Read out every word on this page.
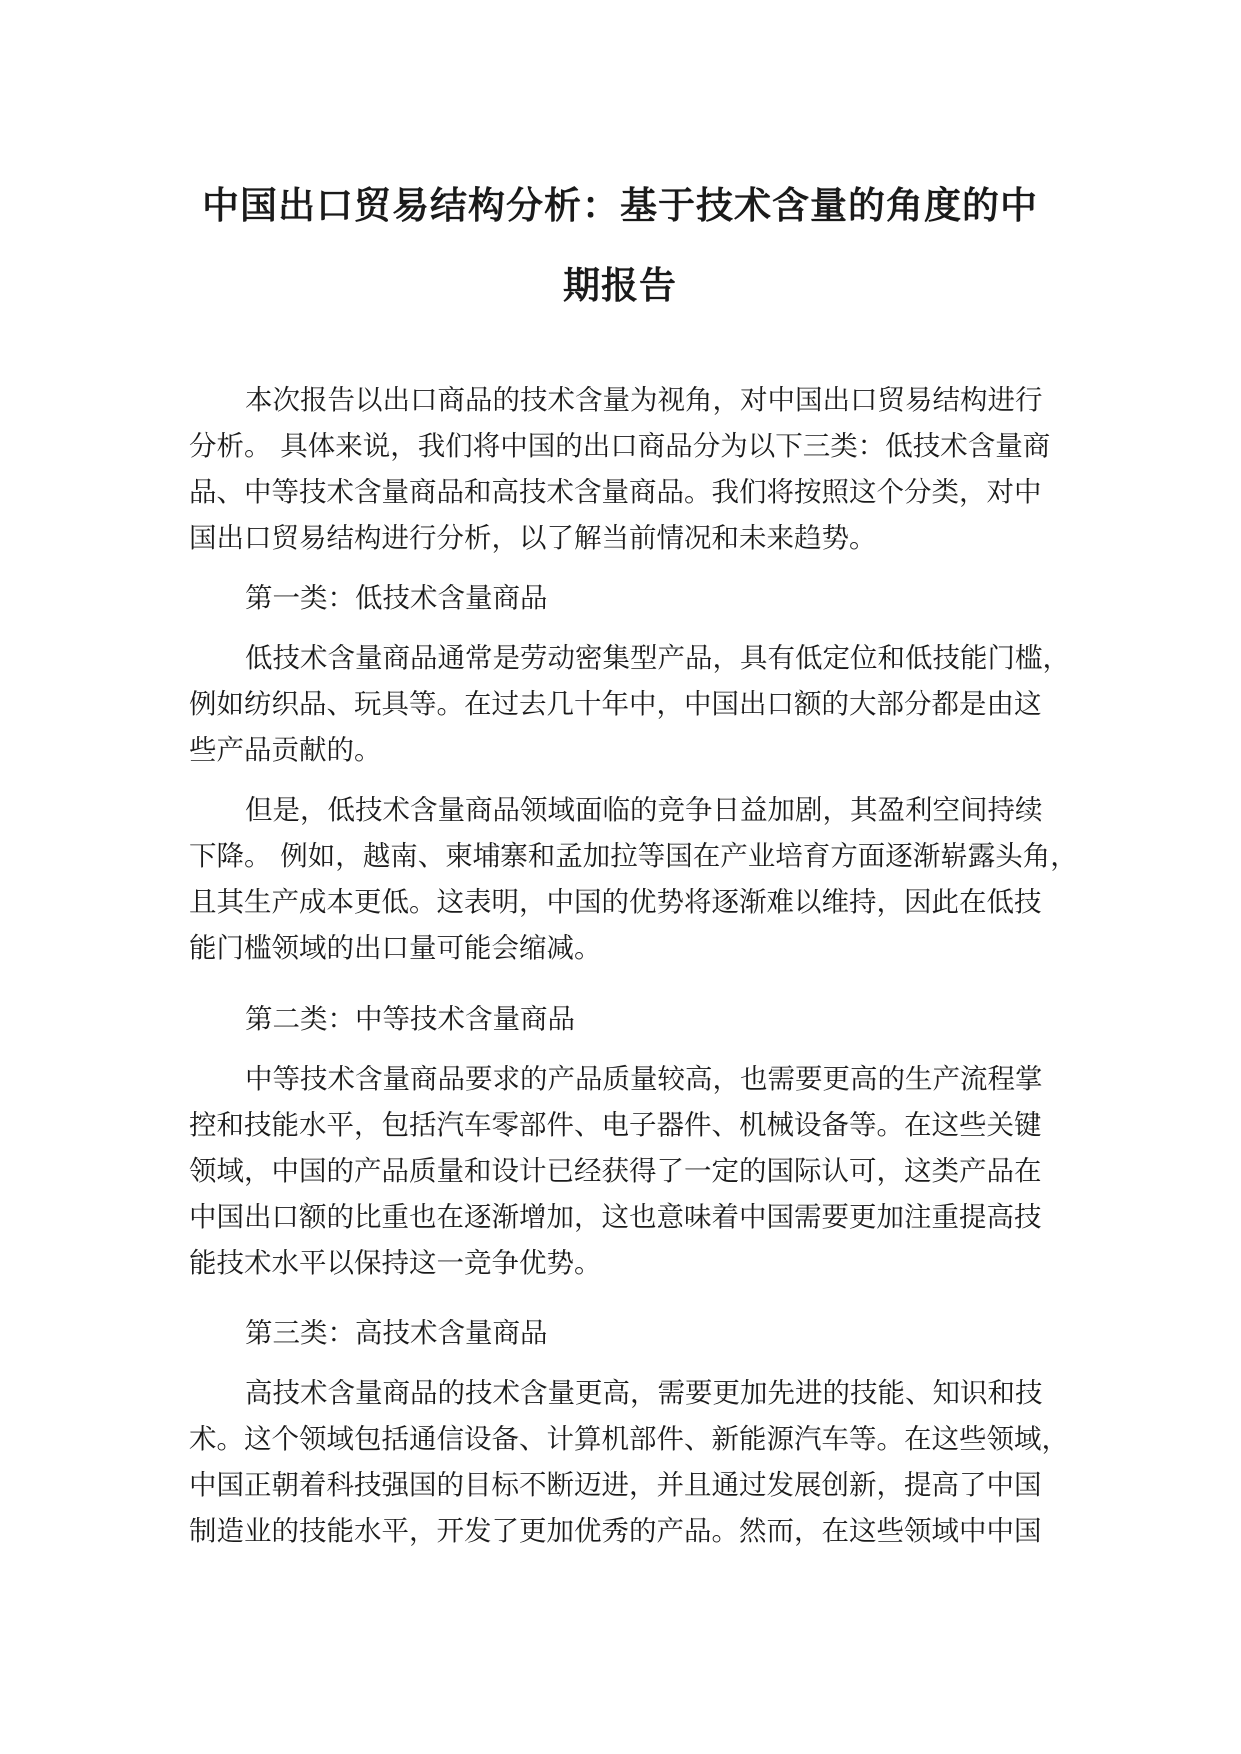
中国出口贸易结构分析：基于技术含量的角度的中
期报告

本次报告以出口商品的技术含量为视角，对中国出口贸易结构进行

分析。 具体来说，我们将中国的出口商品分为以下三类：低技术含量商

品、中等技术含量商品和高技术含量商品。我们将按照这个分类，对中

国出口贸易结构进行分析，以了解当前情况和未来趋势。

第一类：低技术含量商品

低技术含量商品通常是劳动密集型产品，具有低定位和低技能门槛，

例如纺织品、玩具等。在过去几十年中，中国出口额的大部分都是由这

些产品贡献的。

但是，低技术含量商品领域面临的竞争日益加剧，其盈利空间持续

下降。 例如，越南、柬埔寨和孟加拉等国在产业培育方面逐渐崭露头角，

且其生产成本更低。这表明，中国的优势将逐渐难以维持，因此在低技

能门槛领域的出口量可能会缩减。

第二类：中等技术含量商品

中等技术含量商品要求的产品质量较高，也需要更高的生产流程掌

控和技能水平，包括汽车零部件、电子器件、机械设备等。在这些关键

领域，中国的产品质量和设计已经获得了一定的国际认可，这类产品在

中国出口额的比重也在逐渐增加，这也意味着中国需要更加注重提高技

能技术水平以保持这一竞争优势。

第三类：高技术含量商品

高技术含量商品的技术含量更高，需要更加先进的技能、知识和技

术。这个领域包括通信设备、计算机部件、新能源汽车等。在这些领域，

中国正朝着科技强国的目标不断迈进，并且通过发展创新，提高了中国

制造业的技能水平，开发了更加优秀的产品。然而，在这些领域中中国
